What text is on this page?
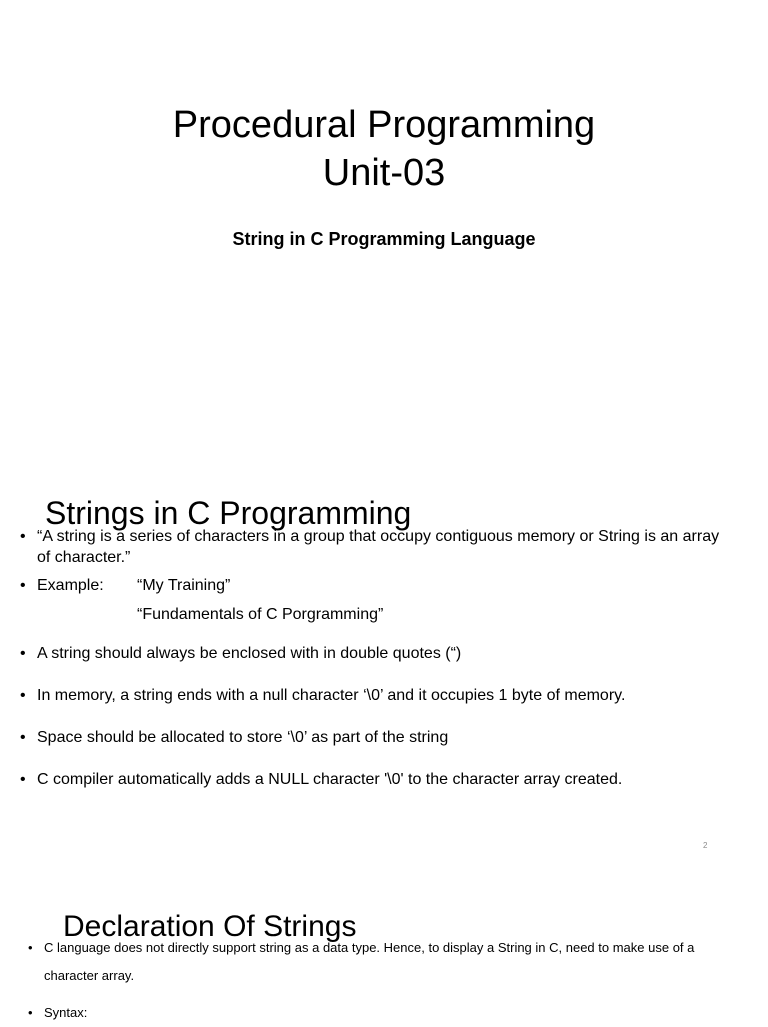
Procedural Programming
Unit-03
String in C Programming Language
Strings in C Programming
• “A string is a series of characters in a group that occupy contiguous memory or String is an array of character.”
• Example: “My Training”
“Fundamentals of C Porgramming”
• A string should always be enclosed with in double quotes (“)
• In memory, a string ends with a null character ‘\0’ and it occupies 1 byte of memory.
• Space should be allocated to store ‘\0’ as part of the string
• C compiler automatically adds a NULL character '\0' to the character array created.
2
Declaration Of Strings
• C language does not directly support string as a data type. Hence, to display a String in C, need to make use of a character array.
• Syntax:
